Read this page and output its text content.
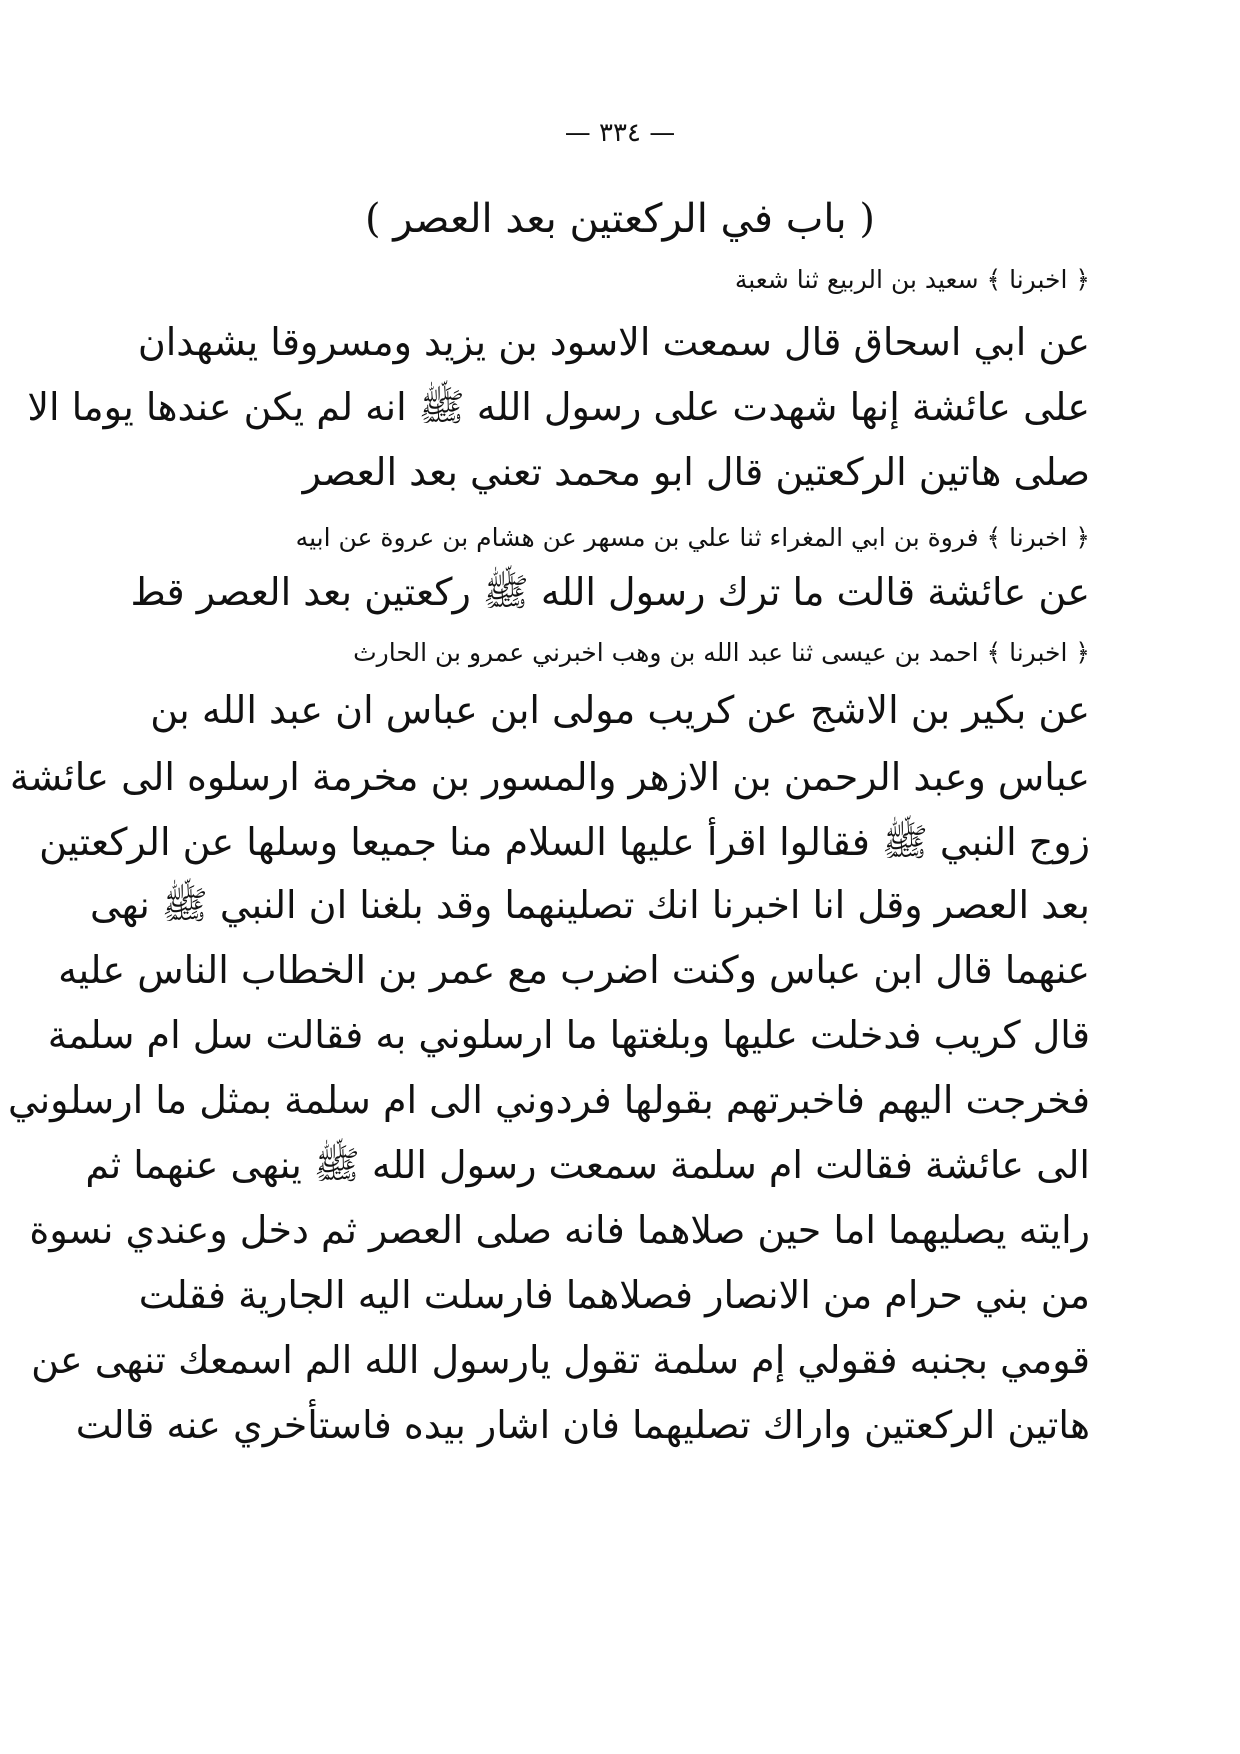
— ٣٣٤ —
( باب في الركعتين بعد العصر )
﴿ اخبرنا ﴾ سعيد بن الربيع ثنا شعبة
عن ابي اسحاق قال سمعت الاسود بن يزيد ومسروقا يشهدان
على عائشة إنها شهدت على رسول الله ﷺ انه لم يكن عندها يوما الا
صلى هاتين الركعتين قال ابو محمد تعني بعد العصر
﴿ اخبرنا ﴾ فروة بن ابي المغراء ثنا علي بن مسهر عن هشام بن عروة عن ابيه
عن عائشة قالت ما ترك رسول الله ﷺ ركعتين بعد العصر قط
﴿ اخبرنا ﴾ احمد بن عيسى ثنا عبد الله بن وهب اخبرني عمرو بن الحارث
عن بكير بن الاشج عن كريب مولى ابن عباس ان عبد الله بن
عباس وعبد الرحمن بن الازهر والمسور بن مخرمة ارسلوه الى عائشة
زوج النبي ﷺ فقالوا اقرأ عليها السلام منا جميعا وسلها عن الركعتين
بعد العصر وقل انا اخبرنا انك تصلينهما وقد بلغنا ان النبي ﷺ نهى
عنهما قال ابن عباس وكنت اضرب مع عمر بن الخطاب الناس عليه
قال كريب فدخلت عليها وبلغتها ما ارسلوني به فقالت سل ام سلمة
فخرجت اليهم فاخبرتهم بقولها فردوني الى ام سلمة بمثل ما ارسلوني
الى عائشة فقالت ام سلمة سمعت رسول الله ﷺ ينهى عنهما ثم
رايته يصليهما اما حين صلاهما فانه صلى العصر ثم دخل وعندي نسوة
من بني حرام من الانصار فصلاهما فارسلت اليه الجارية فقلت
قومي بجنبه فقولي إم سلمة تقول يارسول الله الم اسمعك تنهى عن
هاتين الركعتين واراك تصليهما فان اشار بيده فاستأخري عنه قالت
